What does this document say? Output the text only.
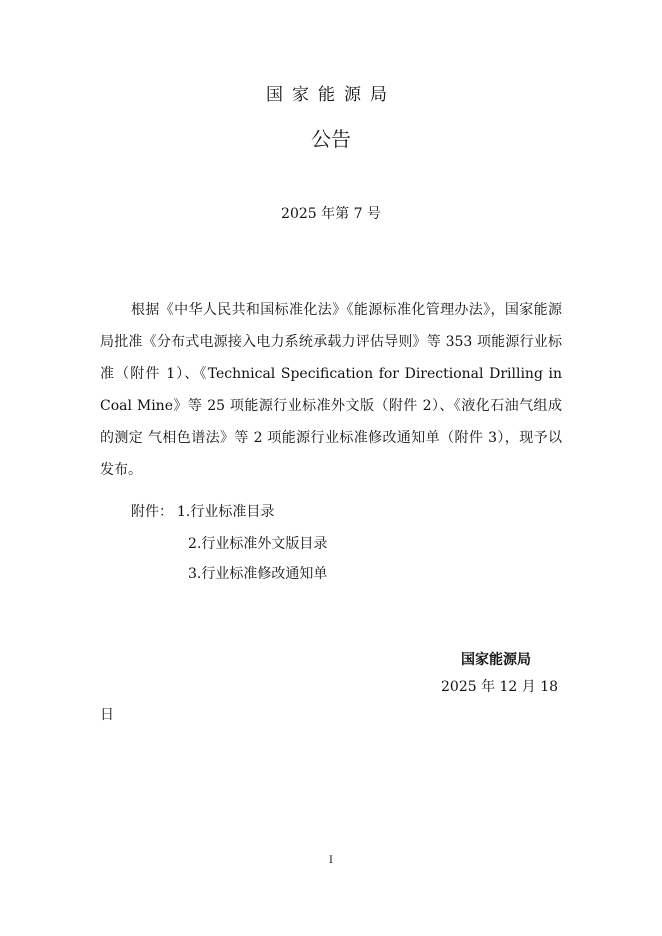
国家能源局
公告
2025 年第 7 号
根据《中华人民共和国标准化法》《能源标准化管理办法》，国家能源局批准《分布式电源接入电力系统承载力评估导则》等 353 项能源行业标准（附件 1）、《Technical Specification for Directional Drilling in Coal Mine》等 25 项能源行业标准外文版（附件 2）、《液化石油气组成的测定 气相色谱法》等 2 项能源行业标准修改通知单（附件 3），现予以发布。
附件： 1.行业标准目录
2.行业标准外文版目录
3.行业标准修改通知单
国家能源局
2025 年 12 月 18
日
I
